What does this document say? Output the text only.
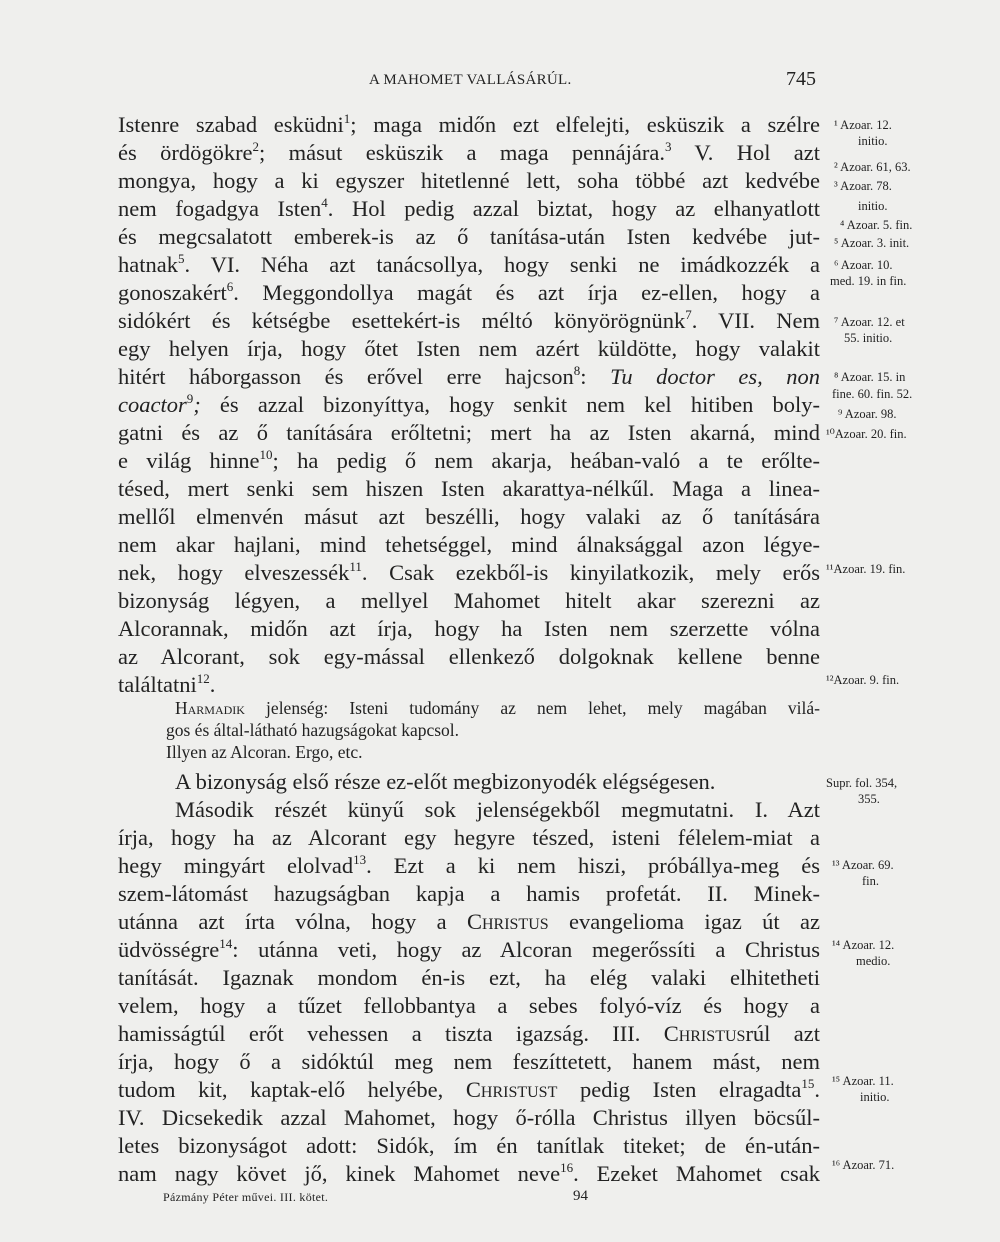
A MAHOMET VALLÁSÁRÚL.	745
Istenre szabad esküdni$^1$; maga midőn ezt elfelejti, esküszik a szélre
és ördögökre$^2$; másut esküszik a maga pennájára.$^3$ V. Hol azt
mongya, hogy a ki egyszer hitetlenné lett, soha többé azt kedvébe
nem fogadgya Isten$^4$. Hol pedig azzal biztat, hogy az elhanyatlott
és megcsalatott emberek-is az ő tanítása-után Isten kedvébe jut-
hatnak$^5$. VI. Néha azt tanácsollya, hogy senki ne imádkozzék a
gonoszakért$^6$. Meggondollya magát és azt írja ez-ellen, hogy a
sidókért és kétségbe esettekért-is méltó könyörögnünk$^7$. VII. Nem
egy helyen írja, hogy őtet Isten nem azért küldötte, hogy valakit
hitért háborgasson és erővel erre hajcson$^8$: Tu doctor es, non
coactor$^9$; és azzal bizonyíttya, hogy senkit nem kel hitiben boly-
gatni és az ő tanítására erőltetni; mert ha az Isten akarná, mind
e világ hinne$^{10}$; ha pedig ő nem akarja, heában-való a te erőlte-
tésed, mert senki sem hiszen Isten akarattya-nélkűl. Maga a linea-
mellől elmenvén másut azt beszélli, hogy valaki az ő tanítására
nem akar hajlani, mind tehetséggel, mind álnaksággal azon légye-
nek, hogy elveszessék$^{11}$. Csak ezekből-is kinyilatkozik, mely erős
bizonyság légyen, a mellyel Mahomet hitelt akar szerezni az
Alcorannak, midőn azt írja, hogy ha Isten nem szerzette vólna
az Alcorant, sok egy-mással ellenkező dolgoknak kellene benne
találtatni$^{12}$.
Harmadik jelenség: Isteni tudomány az nem lehet, mely magában vilá-
gos és által-látható hazugságokat kapcsol.
Illyen az Alcoran. Ergo, etc.
A bizonyság első része ez-előt megbizonyodék elégségesen.
Második részét künyű sok jelenségekből megmutatni. I. Azt
írja, hogy ha az Alcorant egy hegyre tészed, isteni félelem-miat a
hegy mingyárt elolvad$^{13}$. Ezt a ki nem hiszi, próbállya-meg és
szem-látomást hazugságban kapja a hamis profetát. II. Minek-
utánna azt írta vólna, hogy a Christus evangelioma igaz út az
üdvösségre$^{14}$: utánna veti, hogy az Alcoran megerőssíti a Christus
tanítását. Igaznak mondom én-is ezt, ha elég valaki elhitetheti
velem, hogy a tűzet fellobbantya a sebes folyó-víz és hogy a
hamisságtúl erőt vehessen a tiszta igazság. III. Christusrúl azt
írja, hogy ő a sidóktúl meg nem feszíttetett, hanem mást, nem
tudom kit, kaptak-elő helyébe, Christust pedig Isten elragadta$^{15}$.
IV. Dicsekedik azzal Mahomet, hogy ő-rólla Christus illyen böcsűl-
letes bizonyságot adott: Sidók, ím én tanítlak titeket; de én-után-
nam nagy követ jő, kinek Mahomet neve$^{16}$. Ezeket Mahomet csak
¹ Azoar. 12.
initio.
² Azoar. 61, 63.
³ Azoar. 78.
initio.
⁴ Azoar. 5. fin.
⁵ Azoar. 3. init.
⁶ Azoar. 10.
med. 19. in fin.
⁷ Azoar. 12. et
55. initio.
⁸ Azoar. 15. in
fine. 60. fin. 52.
⁹ Azoar. 98.
¹⁰Azoar. 20. fin.
¹¹Azoar. 19. fin.
¹²Azoar. 9. fin.
Supr. fol. 354,
355.
¹³ Azoar. 69.
fin.
¹⁴ Azoar. 12.
medio.
¹⁵ Azoar. 11.
initio.
¹⁶ Azoar. 71.
Pázmány Péter művei. III. kötet.	94
